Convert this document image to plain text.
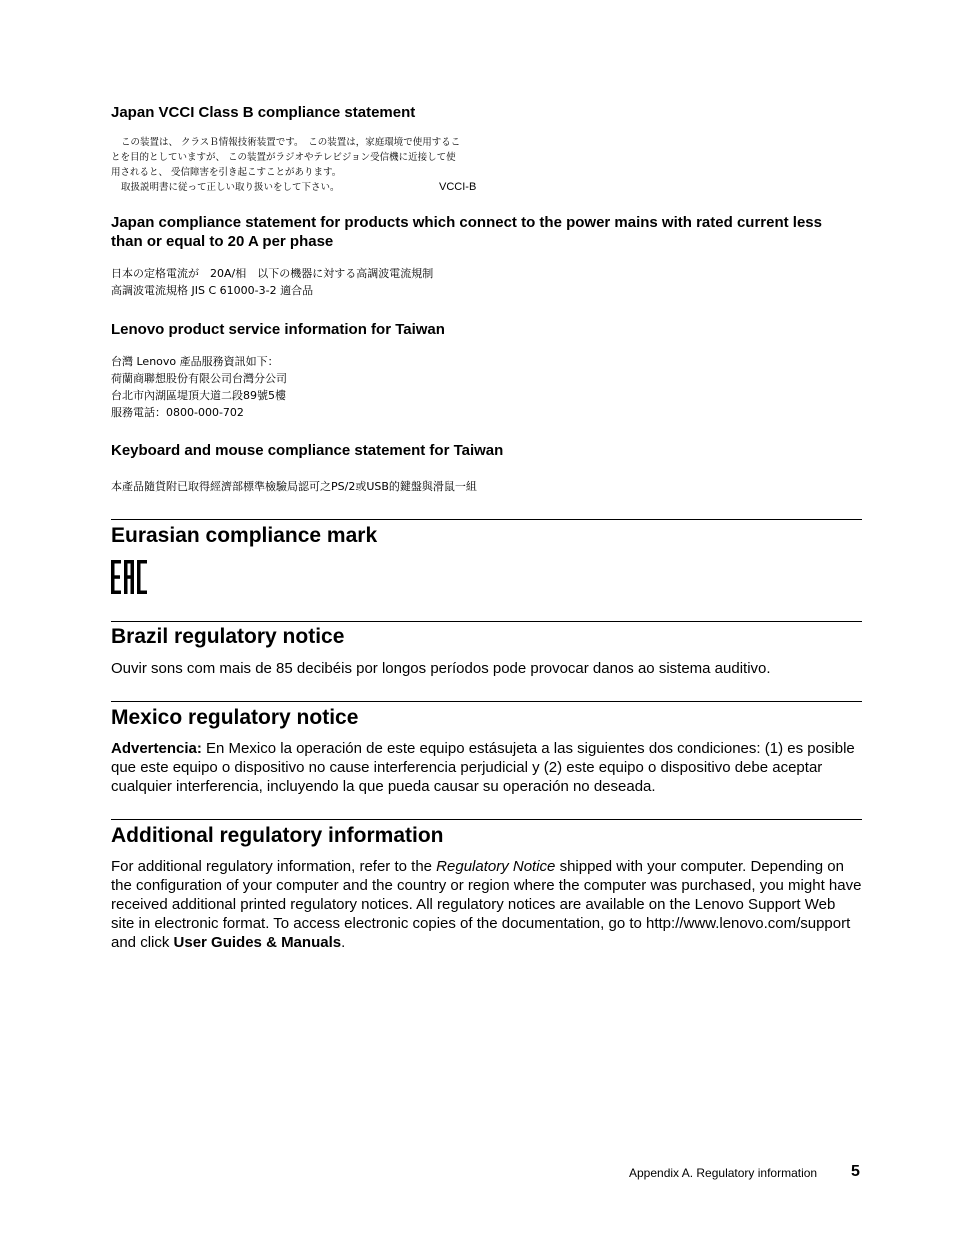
Japan VCCI Class B compliance statement
この装置は、 クラスＢ情報技術装置です。　この装置は，家庭環境で使用するこ
とを目的としていますが、 この装置がラジオやテレビジョン受信機に近接して使
用されると、 受信障害を引き起こすことがあります。
取扱説明書に従って正しい取り扱いをして下さい。	VCCI-B
Japan compliance statement for products which connect to the power mains with rated current less than or equal to 20 A per phase

日本の定格電流が　20A/相　以下の機器に対する高調波電流規制

高調波電流規格 JIS C 61000-3-2 適合品

Lenovo product service information for Taiwan

台灣 Lenovo 產品服務資訊如下：

荷蘭商聯想股份有限公司台灣分公司

台北市內湖區堤頂大道二段89號5樓

服務電話：0800-000-702

Keyboard and mouse compliance statement for Taiwan

本產品隨貨附已取得經濟部標準檢驗局認可之PS/2或USB的鍵盤與滑鼠一組

Eurasian compliance mark
Brazil regulatory notice

Ouvir sons com mais de 85 decibéis por longos períodos pode provocar danos ao sistema auditivo.

Mexico regulatory notice

Advertencia: En Mexico la operación de este equipo estásujeta a las siguientes dos condiciones: (1) es posible que este equipo o dispositivo no cause interferencia perjudicial y (2) este equipo o dispositivo debe aceptar cualquier interferencia, incluyendo la que pueda causar su operación no deseada.

Additional regulatory information

For additional regulatory information, refer to the Regulatory Notice shipped with your computer. Depending on the configuration of your computer and the country or region where the computer was purchased, you might have received additional printed regulatory notices. All regulatory notices are available on the Lenovo Support Web site in electronic format. To access electronic copies of the documentation, go to http://www.lenovo.com/support and click User Guides & Manuals.

Appendix A. Regulatory information 5
